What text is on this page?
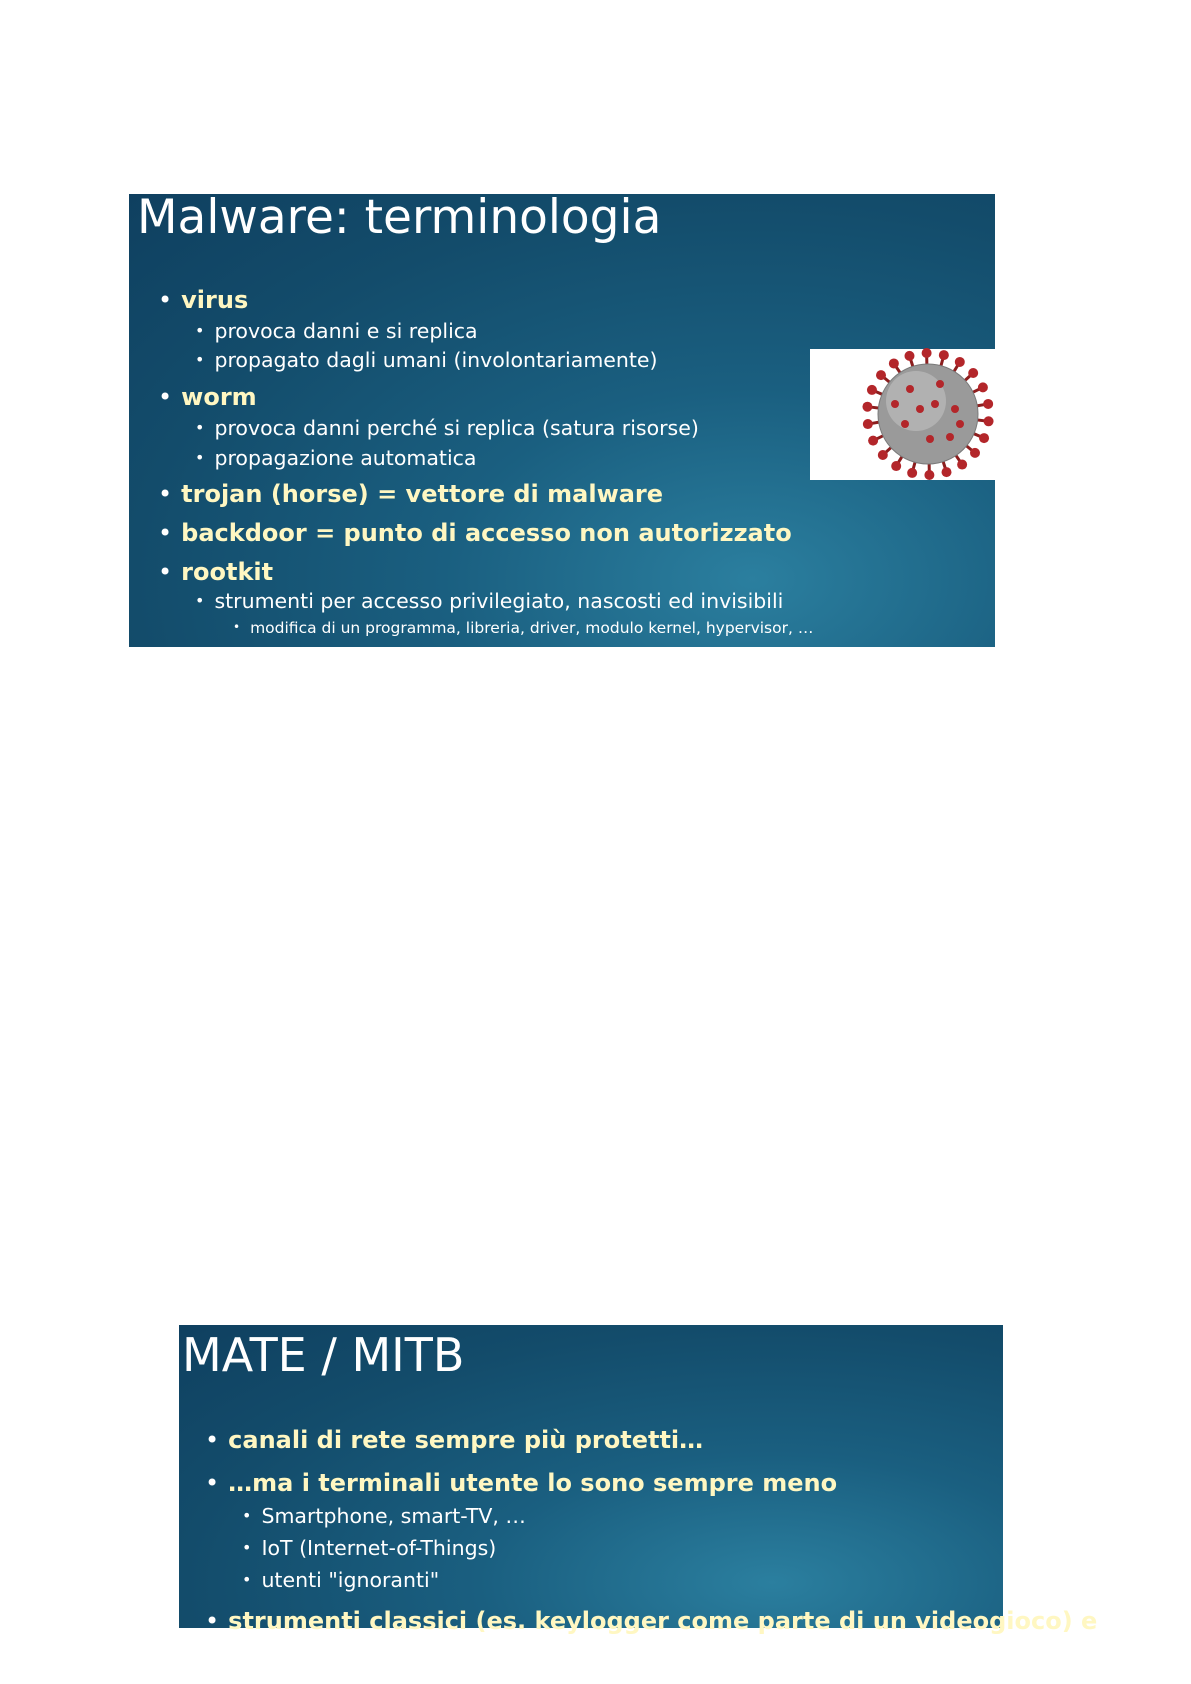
Malware: terminologia
• virus
• provoca danni e si replica
• propagato dagli umani (involontariamente)
• worm
• provoca danni perché si replica (satura risorse)
• propagazione automatica
• trojan (horse) = vettore di malware
• backdoor = punto di accesso non autorizzato
• rootkit
• strumenti per accesso privilegiato, nascosti ed invisibili
• modifica di un programma, libreria, driver, modulo kernel, hypervisor, …
MATE / MITB
• canali di rete sempre più protetti…
• …ma i terminali utente lo sono sempre meno
• Smartphone, smart-TV, …
• IoT (Internet-of-Things)
• utenti "ignoranti"
• strumenti classici (es. keylogger come parte di un videogioco) e
